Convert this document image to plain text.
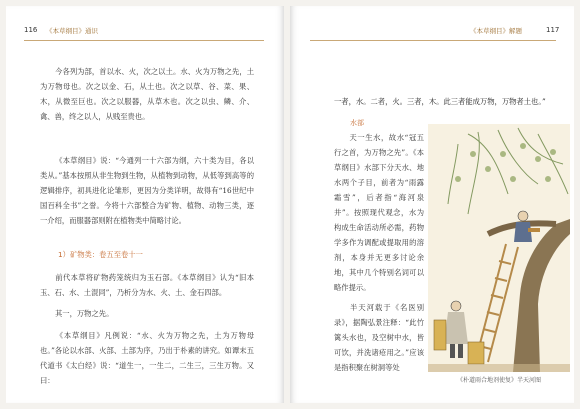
116 《本草纲目》通识
今各列为部，首以水、火，次之以土。水、火为万物之先，土为万物母也。次之以金、石，从土也。次之以草、谷、菜、果、木，从微至巨也。次之以服器，从草木也。次之以虫、鳞、介、禽、兽，终之以人，从贱至贵也。
《本草纲目》说：“今通列一十六部为纲，六十类为目，各以类从。”基本按照从非生物到生物，从植物到动物，从低等到高等的逻辑排序，初具进化论雏形，更因为分类详明，故得有“16世纪中国百科全书”之誉。今将十六部整合为矿物、植物、动物三类，逐一介绍，而服器部则附在植物类中简略讨论。
1）矿物类：卷五至卷十一
前代本草将矿物药笼统归为玉石部。《本草纲目》认为“旧本玉、石、水、土混同”，乃析分为水、火、土、金石四部。
其一，万物之先。
《本草纲目》凡例说：“水、火为万物之先，土为万物母也。”各论以水部、火部、土部为序，乃出于朴素的讲究。如谭末五代道书《太白经》说：“道生一，一生二，二生三，三生万物。又曰：
《本草纲目》解题	117
一者，水。二者，火。三者，木。此三者能成万物，万物者土也。”
水部
天一生水，故水“冠五行之首，为万物之先”。《本草纲目》水部下分天水、地水两个子目，前者为“雨露霜雪”，后者指“海河泉井”。按照现代观念，水为构成生命活动所必需，药物学多作为调配或提取用的溶剂，本身并无更多讨论余地，其中几个特别名词可以略作提示。
半天河载于《名医别录》，据陶弘景注释：“此竹篱头水也，及空树中水，皆可饮，并洗诸疮用之。”应该是指积聚在树洞等处
《朴道雨合地剂使复》半天河图
